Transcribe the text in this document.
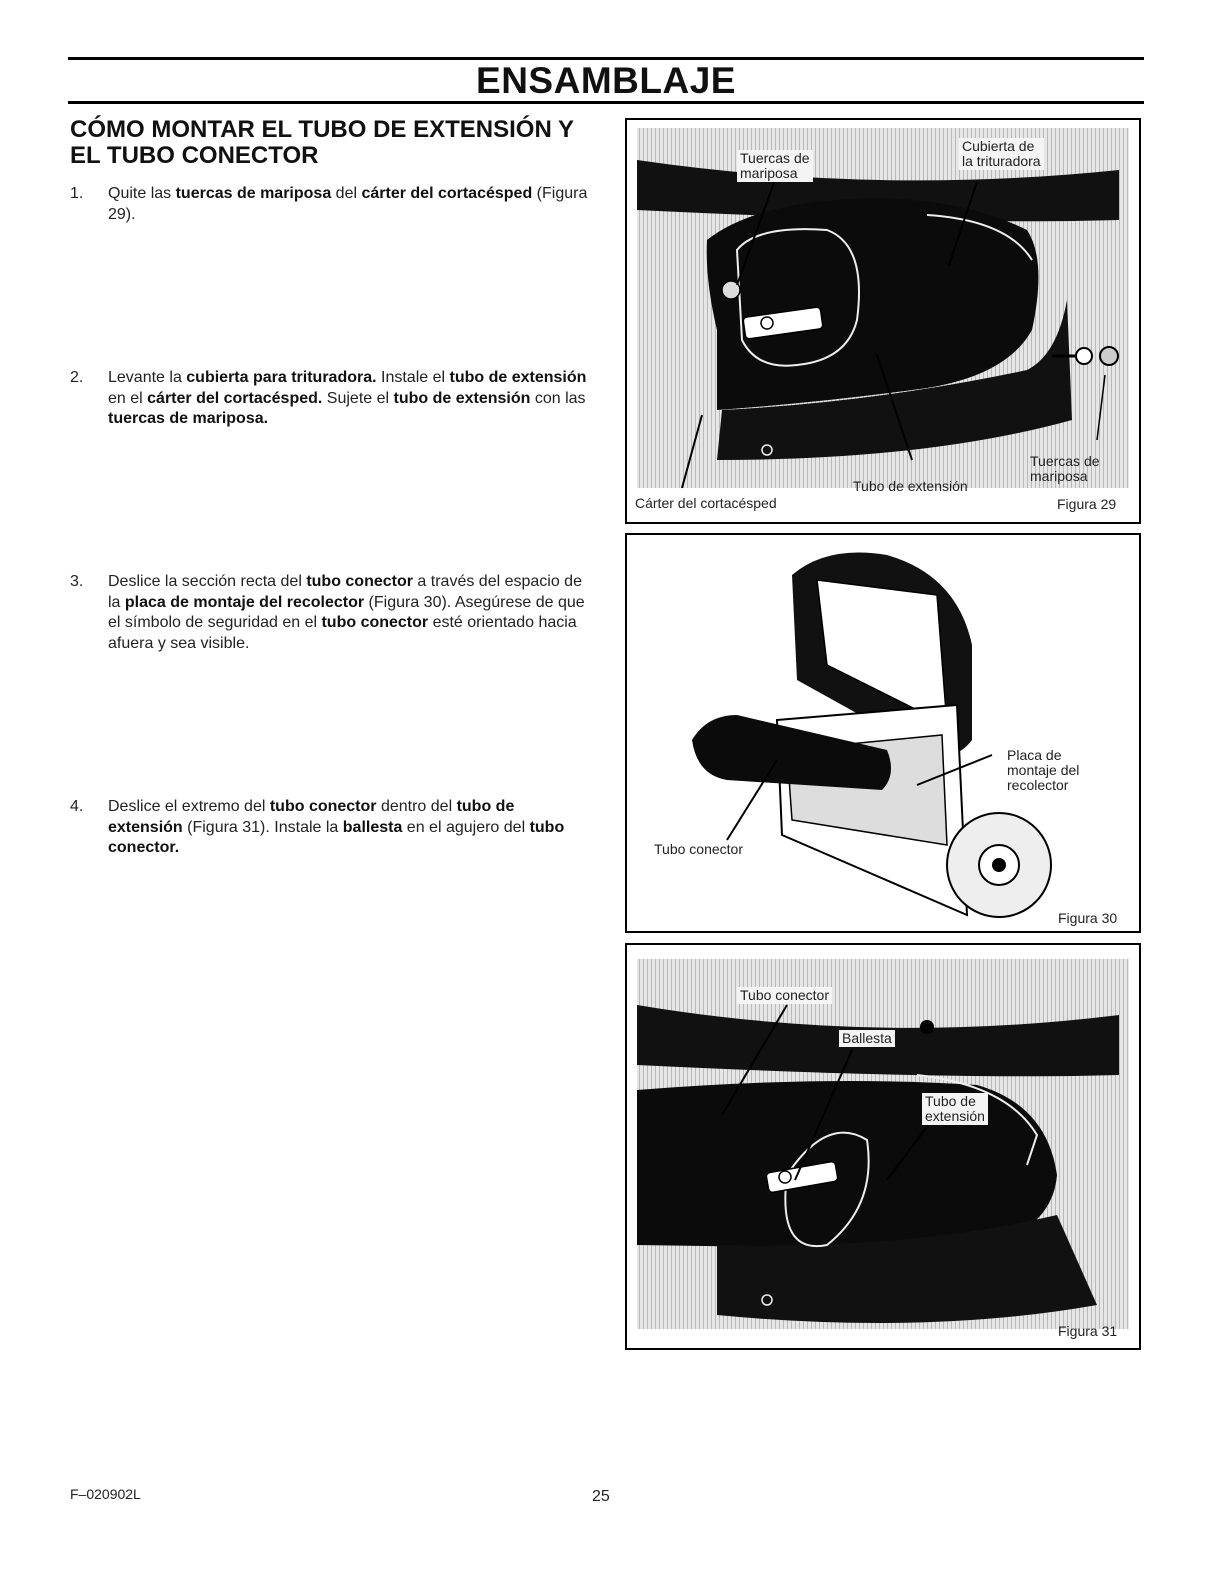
ENSAMBLAJE
CÓMO MONTAR EL TUBO DE EXTENSIÓN Y
EL TUBO CONECTOR
1.	Quite las tuercas de mariposa del cárter del cortacésped (Figura 29).
2.	Levante la cubierta para trituradora. Instale el tubo de extensión en el cárter del cortacésped. Sujete el tubo de extensión con las tuercas de mariposa.
3.	Deslice la sección recta del tubo conector a través del espacio de la placa de montaje del recolector (Figura 30). Asegúrese de que el símbolo de seguridad en el tubo conector esté orientado hacia afuera y sea visible.
4.	Deslice el extremo del tubo conector dentro del tubo de extensión (Figura 31). Instale la ballesta en el agujero del tubo conector.
Tuercas de
mariposa
Cubierta de
la trituradora
Tuercas de
mariposa
Tubo de extensión
Cárter del cortacésped	Figura 29
Placa de
montaje del
recolector
Tubo conector
Figura 30
Tubo conector
Ballesta
Tubo de
extensión
Figura 31
F–020902L	25
